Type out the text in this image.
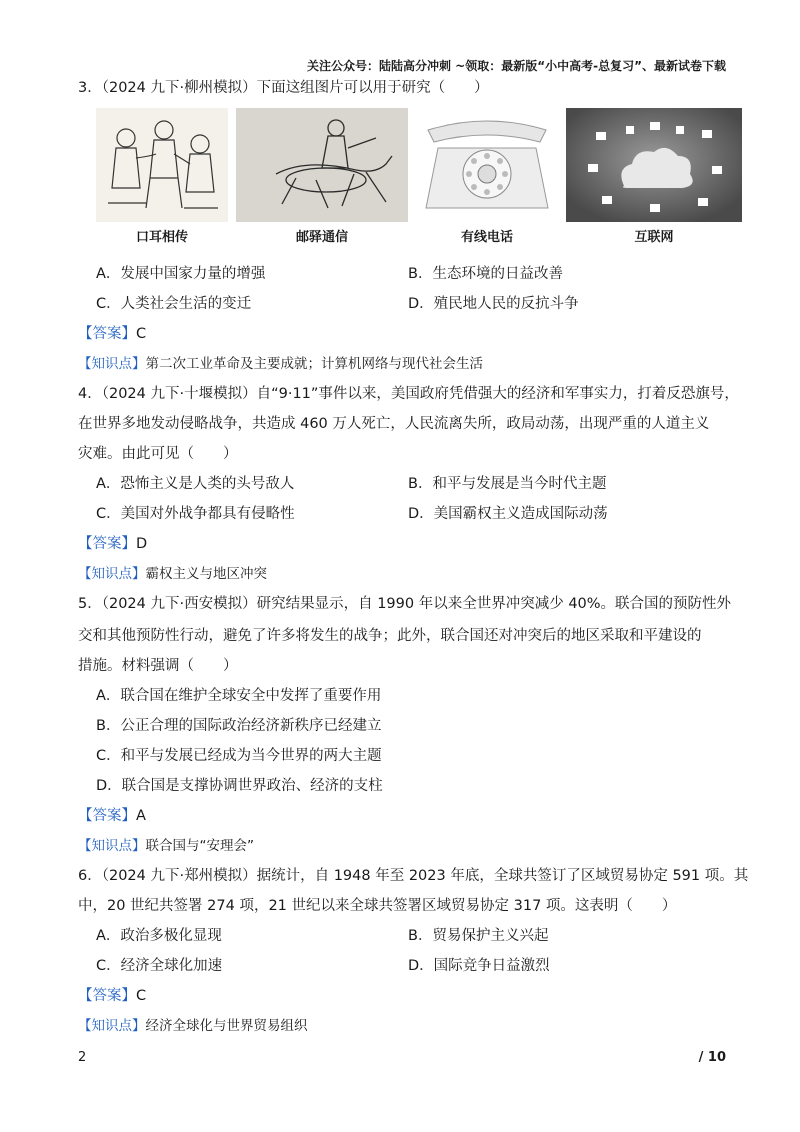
关注公众号：陆陆高分冲刺 ~领取：最新版“小中高考-总复习”、最新试卷下载
3．（2024 九下·柳州模拟）下面这组图片可以用于研究（　　）
口耳相传	邮驿通信	有线电话	互联网
A．发展中国家力量的增强	B．生态环境的日益改善
C．人类社会生活的变迁	D．殖民地人民的反抗斗争
【答案】C
【知识点】第二次工业革命及主要成就；计算机网络与现代社会生活
4．（2024 九下·十堰模拟）自“9·11”事件以来，美国政府凭借强大的经济和军事实力，打着反恐旗号，
在世界多地发动侵略战争，共造成 460 万人死亡，人民流离失所，政局动荡，出现严重的人道主义
灾难。由此可见（　　）
A．恐怖主义是人类的头号敌人	B．和平与发展是当今时代主题
C．美国对外战争都具有侵略性	D．美国霸权主义造成国际动荡
【答案】D
【知识点】霸权主义与地区冲突
5．（2024 九下·西安模拟）研究结果显示，自 1990 年以来全世界冲突减少 40%。联合国的预防性外
交和其他预防性行动，避免了许多将发生的战争；此外，联合国还对冲突后的地区采取和平建设的
措施。材料强调（　　）
A．联合国在维护全球安全中发挥了重要作用
B．公正合理的国际政治经济新秩序已经建立
C．和平与发展已经成为当今世界的两大主题
D．联合国是支撑协调世界政治、经济的支柱
【答案】A
【知识点】联合国与“安理会”
6．（2024 九下·郑州模拟）据统计，自 1948 年至 2023 年底，全球共签订了区域贸易协定 591 项。其
中，20 世纪共签署 274 项，21 世纪以来全球共签署区域贸易协定 317 项。这表明（　　）
A．政治多极化显现	B．贸易保护主义兴起
C．经济全球化加速	D．国际竞争日益激烈
【答案】C
【知识点】经济全球化与世界贸易组织
2	/ 10
